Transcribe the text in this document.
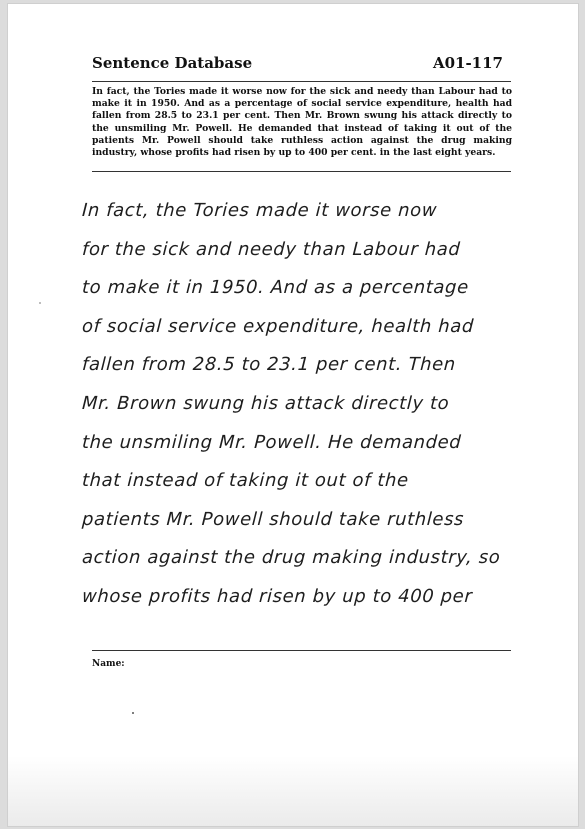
Sentence Database	A01-117
In fact, the Tories made it worse now for the sick and needy than Labour had to make it in 1950. And as a percentage of social service expenditure, health had fallen from 28.5 to 23.1 per cent. Then Mr. Brown swung his attack directly to the unsmiling Mr. Powell. He demanded that instead of taking it out of the patients Mr. Powell should take ruthless action against the drug making industry, whose profits had risen by up to 400 per cent. in the last eight years.
In fact, the Tories made it worse now
for the sick and needy than Labour had
to make it in 1950. And as a percentage
of social service expenditure, health had
fallen from 28.5 to 23.1 per cent. Then
Mr. Brown swung his attack directly to
the unsmiling Mr. Powell. He demanded
that instead of taking it out of the
patients Mr. Powell should take ruthless
action against the drug making industry, so
whose profits had risen by up to 400 per
Name:
